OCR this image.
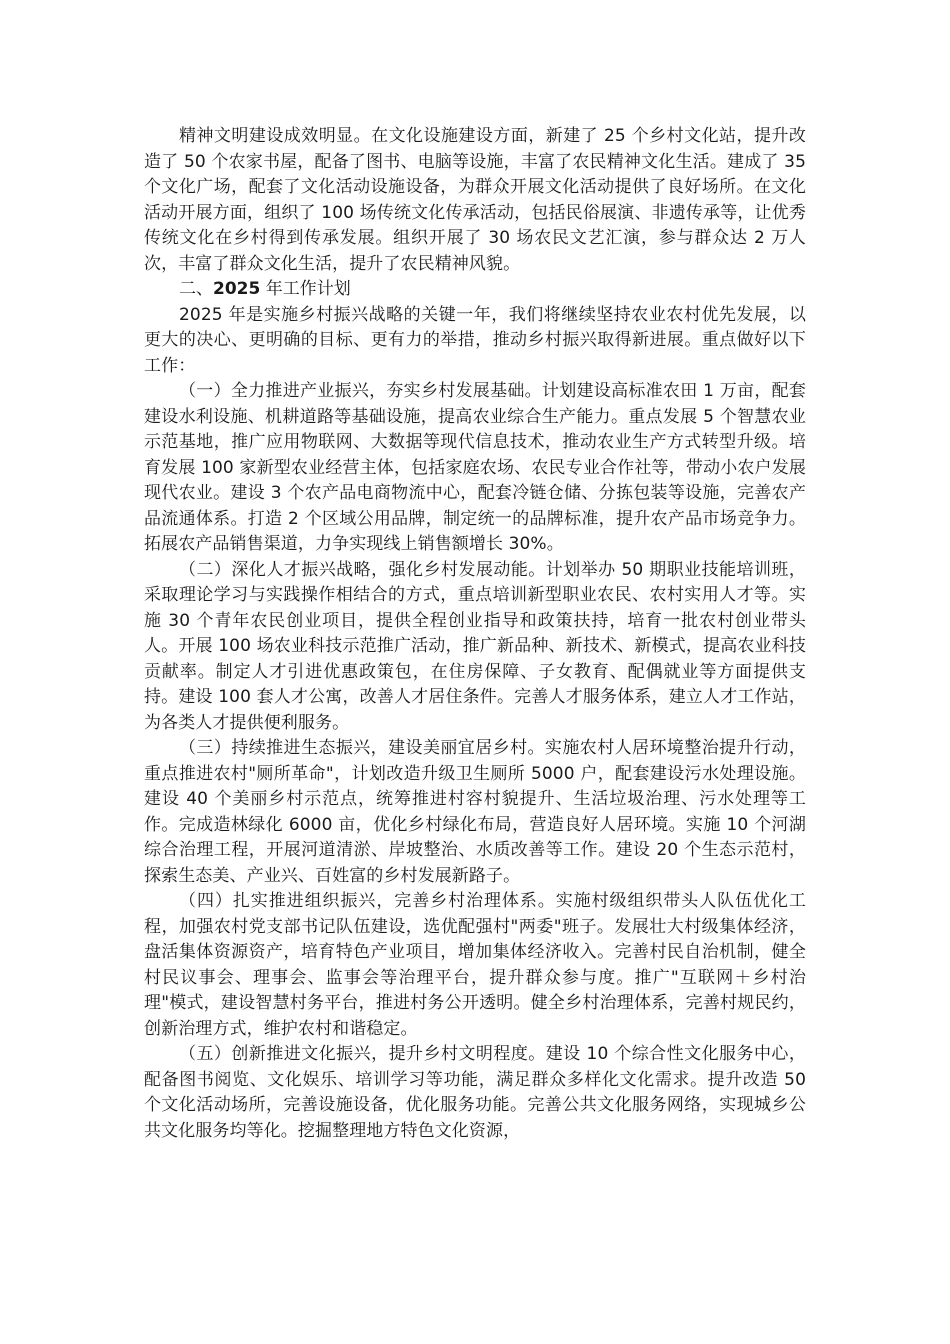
精神文明建设成效明显。在文化设施建设方面，新建了 25 个乡村文化站，提升改造了 50 个农家书屋，配备了图书、电脑等设施，丰富了农民精神文化生活。建成了 35 个文化广场，配套了文化活动设施设备，为群众开展文化活动提供了良好场所。在文化活动开展方面，组织了 100 场传统文化传承活动，包括民俗展演、非遗传承等，让优秀传统文化在乡村得到传承发展。组织开展了 30 场农民文艺汇演，参与群众达 2 万人次，丰富了群众文化生活，提升了农民精神风貌。

二、2025 年工作计划

2025 年是实施乡村振兴战略的关键一年，我们将继续坚持农业农村优先发展，以更大的决心、更明确的目标、更有力的举措，推动乡村振兴取得新进展。重点做好以下工作：

（一）全力推进产业振兴，夯实乡村发展基础。计划建设高标准农田 1 万亩，配套建设水利设施、机耕道路等基础设施，提高农业综合生产能力。重点发展 5 个智慧农业示范基地，推广应用物联网、大数据等现代信息技术，推动农业生产方式转型升级。培育发展 100 家新型农业经营主体，包括家庭农场、农民专业合作社等，带动小农户发展现代农业。建设 3 个农产品电商物流中心，配套冷链仓储、分拣包装等设施，完善农产品流通体系。打造 2 个区域公用品牌，制定统一的品牌标准，提升农产品市场竞争力。拓展农产品销售渠道，力争实现线上销售额增长 30%。

（二）深化人才振兴战略，强化乡村发展动能。计划举办 50 期职业技能培训班，采取理论学习与实践操作相结合的方式，重点培训新型职业农民、农村实用人才等。实施 30 个青年农民创业项目，提供全程创业指导和政策扶持，培育一批农村创业带头人。开展 100 场农业科技示范推广活动，推广新品种、新技术、新模式，提高农业科技贡献率。制定人才引进优惠政策包，在住房保障、子女教育、配偶就业等方面提供支持。建设 100 套人才公寓，改善人才居住条件。完善人才服务体系，建立人才工作站，为各类人才提供便利服务。

（三）持续推进生态振兴，建设美丽宜居乡村。实施农村人居环境整治提升行动，重点推进农村"厕所革命"，计划改造升级卫生厕所 5000 户，配套建设污水处理设施。建设 40 个美丽乡村示范点，统筹推进村容村貌提升、生活垃圾治理、污水处理等工作。完成造林绿化 6000 亩，优化乡村绿化布局，营造良好人居环境。实施 10 个河湖综合治理工程，开展河道清淤、岸坡整治、水质改善等工作。建设 20 个生态示范村，探索生态美、产业兴、百姓富的乡村发展新路子。

（四）扎实推进组织振兴，完善乡村治理体系。实施村级组织带头人队伍优化工程，加强农村党支部书记队伍建设，选优配强村"两委"班子。发展壮大村级集体经济，盘活集体资源资产，培育特色产业项目，增加集体经济收入。完善村民自治机制，健全村民议事会、理事会、监事会等治理平台，提升群众参与度。推广"互联网＋乡村治理"模式，建设智慧村务平台，推进村务公开透明。健全乡村治理体系，完善村规民约，创新治理方式，维护农村和谐稳定。

（五）创新推进文化振兴，提升乡村文明程度。建设 10 个综合性文化服务中心，配备图书阅览、文化娱乐、培训学习等功能，满足群众多样化文化需求。提升改造 50 个文化活动场所，完善设施设备，优化服务功能。完善公共文化服务网络，实现城乡公共文化服务均等化。挖掘整理地方特色文化资源，
